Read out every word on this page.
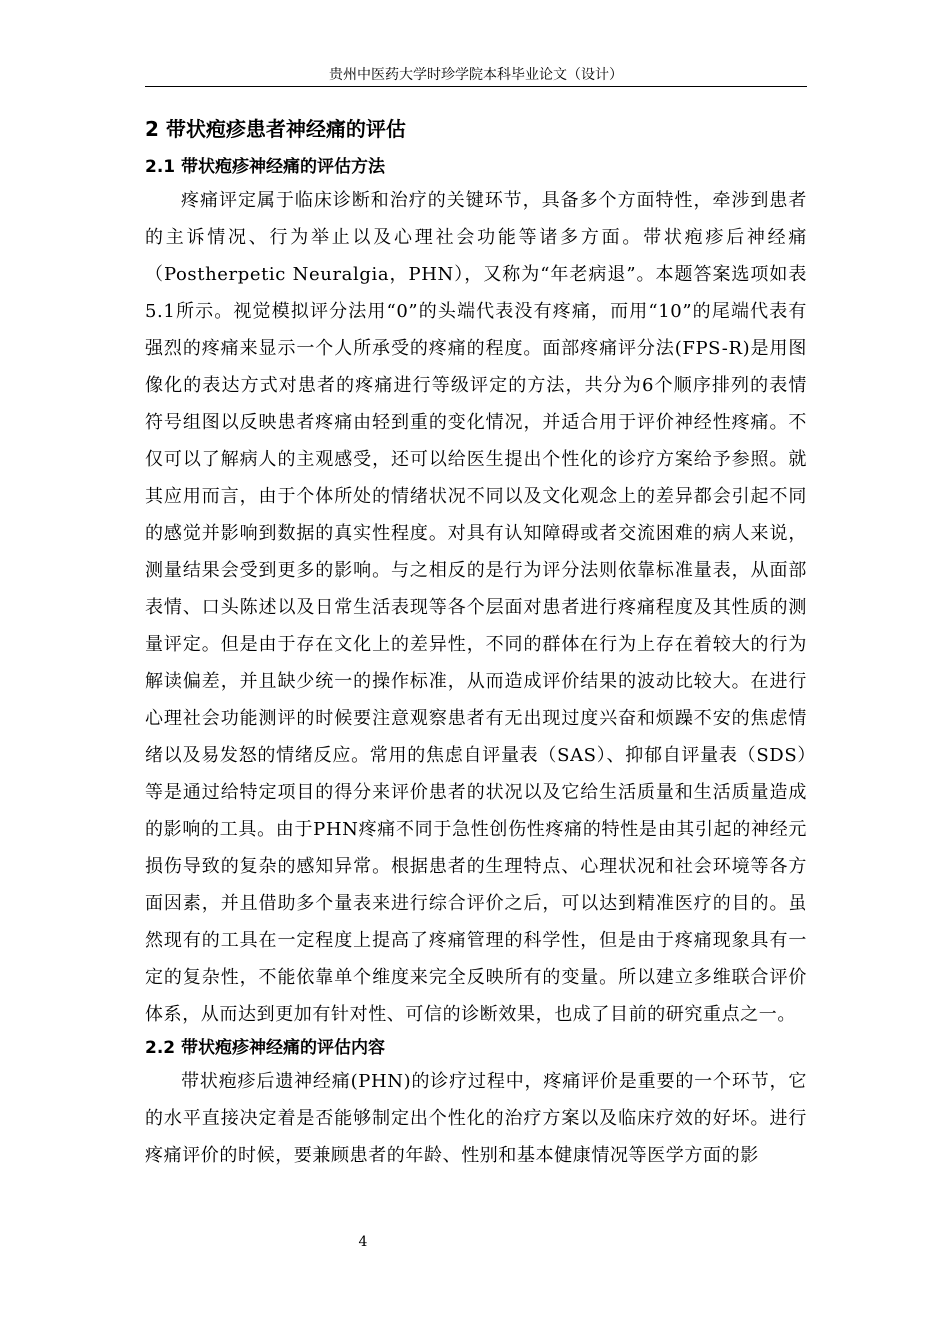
贵州中医药大学时珍学院本科毕业论文（设计）
2 带状疱疹患者神经痛的评估
2.1 带状疱疹神经痛的评估方法

疼痛评定属于临床诊断和治疗的关键环节，具备多个方面特性，牵涉到患者的主诉情况、行为举止以及心理社会功能等诸多方面。带状疱疹后神经痛（Postherpetic Neuralgia，PHN），又称为“年老病退”。本题答案选项如表5.1所示。视觉模拟评分法用“0”的头端代表没有疼痛，而用“10”的尾端代表有强烈的疼痛来显示一个人所承受的疼痛的程度。面部疼痛评分法(FPS-R)是用图像化的表达方式对患者的疼痛进行等级评定的方法，共分为6个顺序排列的表情符号组图以反映患者疼痛由轻到重的变化情况，并适合用于评价神经性疼痛。不仅可以了解病人的主观感受，还可以给医生提出个性化的诊疗方案给予参照。就其应用而言，由于个体所处的情绪状况不同以及文化观念上的差异都会引起不同的感觉并影响到数据的真实性程度。对具有认知障碍或者交流困难的病人来说，测量结果会受到更多的影响。与之相反的是行为评分法则依靠标准量表，从面部表情、口头陈述以及日常生活表现等各个层面对患者进行疼痛程度及其性质的测量评定。但是由于存在文化上的差异性，不同的群体在行为上存在着较大的行为解读偏差，并且缺少统一的操作标准，从而造成评价结果的波动比较大。在进行心理社会功能测评的时候要注意观察患者有无出现过度兴奋和烦躁不安的焦虑情绪以及易发怒的情绪反应。常用的焦虑自评量表（SAS）、抑郁自评量表（SDS）等是通过给特定项目的得分来评价患者的状况以及它给生活质量和生活质量造成的影响的工具。由于PHN疼痛不同于急性创伤性疼痛的特性是由其引起的神经元损伤导致的复杂的感知异常。根据患者的生理特点、心理状况和社会环境等各方面因素，并且借助多个量表来进行综合评价之后，可以达到精准医疗的目的。虽然现有的工具在一定程度上提高了疼痛管理的科学性，但是由于疼痛现象具有一定的复杂性，不能依靠单个维度来完全反映所有的变量。所以建立多维联合评价体系，从而达到更加有针对性、可信的诊断效果，也成了目前的研究重点之一。

2.2 带状疱疹神经痛的评估内容

带状疱疹后遗神经痛(PHN)的诊疗过程中，疼痛评价是重要的一个环节，它的水平直接决定着是否能够制定出个性化的治疗方案以及临床疗效的好坏。进行疼痛评价的时候，要兼顾患者的年龄、性别和基本健康情况等医学方面的影

4
